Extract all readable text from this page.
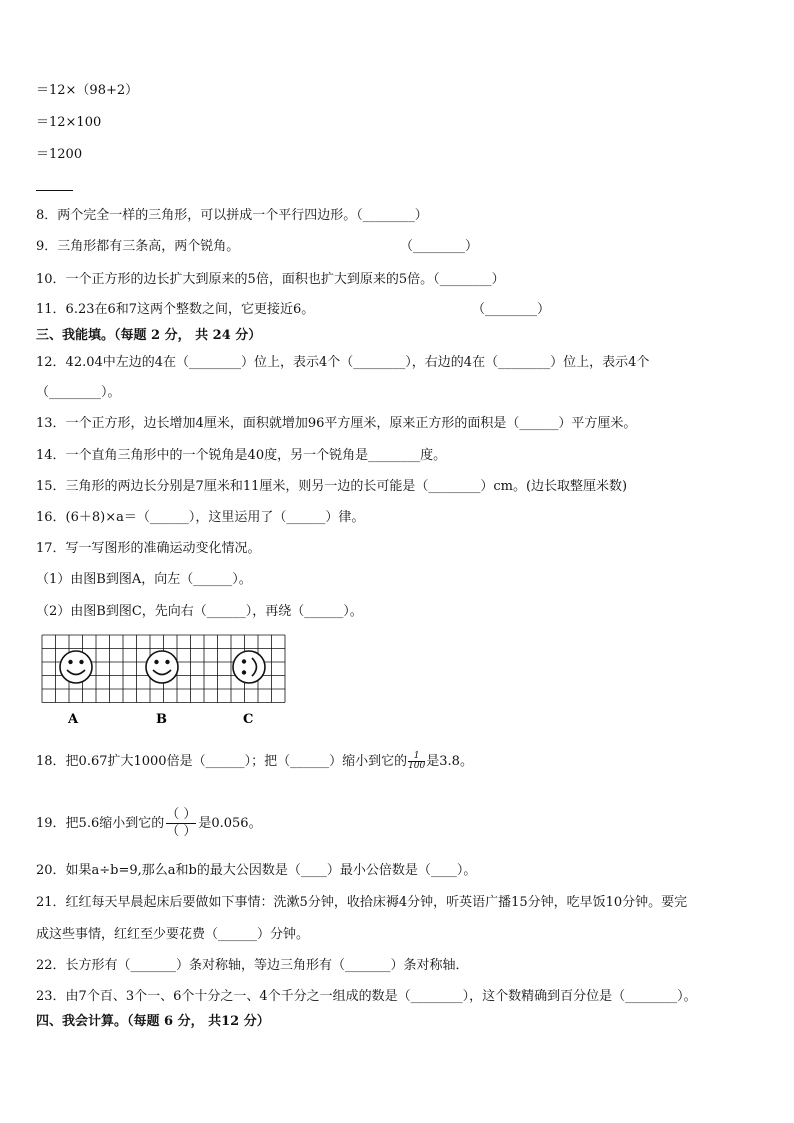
＝12×（98+2）
＝12×100
＝1200
8．两个完全一样的三角形，可以拼成一个平行四边形。（________）
9．三角形都有三条高，两个锐角。	（________）
10．一个正方形的边长扩大到原来的5倍，面积也扩大到原来的5倍。（________）
11．6.23在6和7这两个整数之间，它更接近6。	（________）
三、我能填。（每题 2 分， 共 24 分）
12．42.04中左边的4在（________）位上，表示4个（________），右边的4在（________）位上，表示4个
（________）。
13．一个正方形，边长增加4厘米，面积就增加96平方厘米，原来正方形的面积是（______）平方厘米。
14．一个直角三角形中的一个锐角是40度，另一个锐角是________度。
15．三角形的两边长分别是7厘米和11厘米，则另一边的长可能是（________）cm。(边长取整厘米数)
16．(6＋8)×a＝（______），这里运用了（______）律。
17．写一写图形的准确运动变化情况。
（1）由图B到图A，向左（______）。
（2）由图B到图C，先向右（______），再绕（______）。
A	B	C
18．把0.67扩大1000倍是（______）；把（______）缩小到它的$\frac{1}{100}$ 是3.8。
19．把5.6缩小到它的（ ）
（ ）
是0.056。
20．如果a÷b=9,那么a和b的最大公因数是（____）最小公倍数是（____）。
21．红红每天早晨起床后要做如下事情：洗漱5分钟，收拾床褥4分钟，听英语广播15分钟，吃早饭10分钟。要完
成这些事情，红红至少要花费（______）分钟。
22．长方形有（_______）条对称轴，等边三角形有（_______）条对称轴．
23．由7个百、3个一、6个十分之一、4个千分之一组成的数是（________），这个数精确到百分位是（________）。
四、我会计算。（每题 6 分， 共12 分）
